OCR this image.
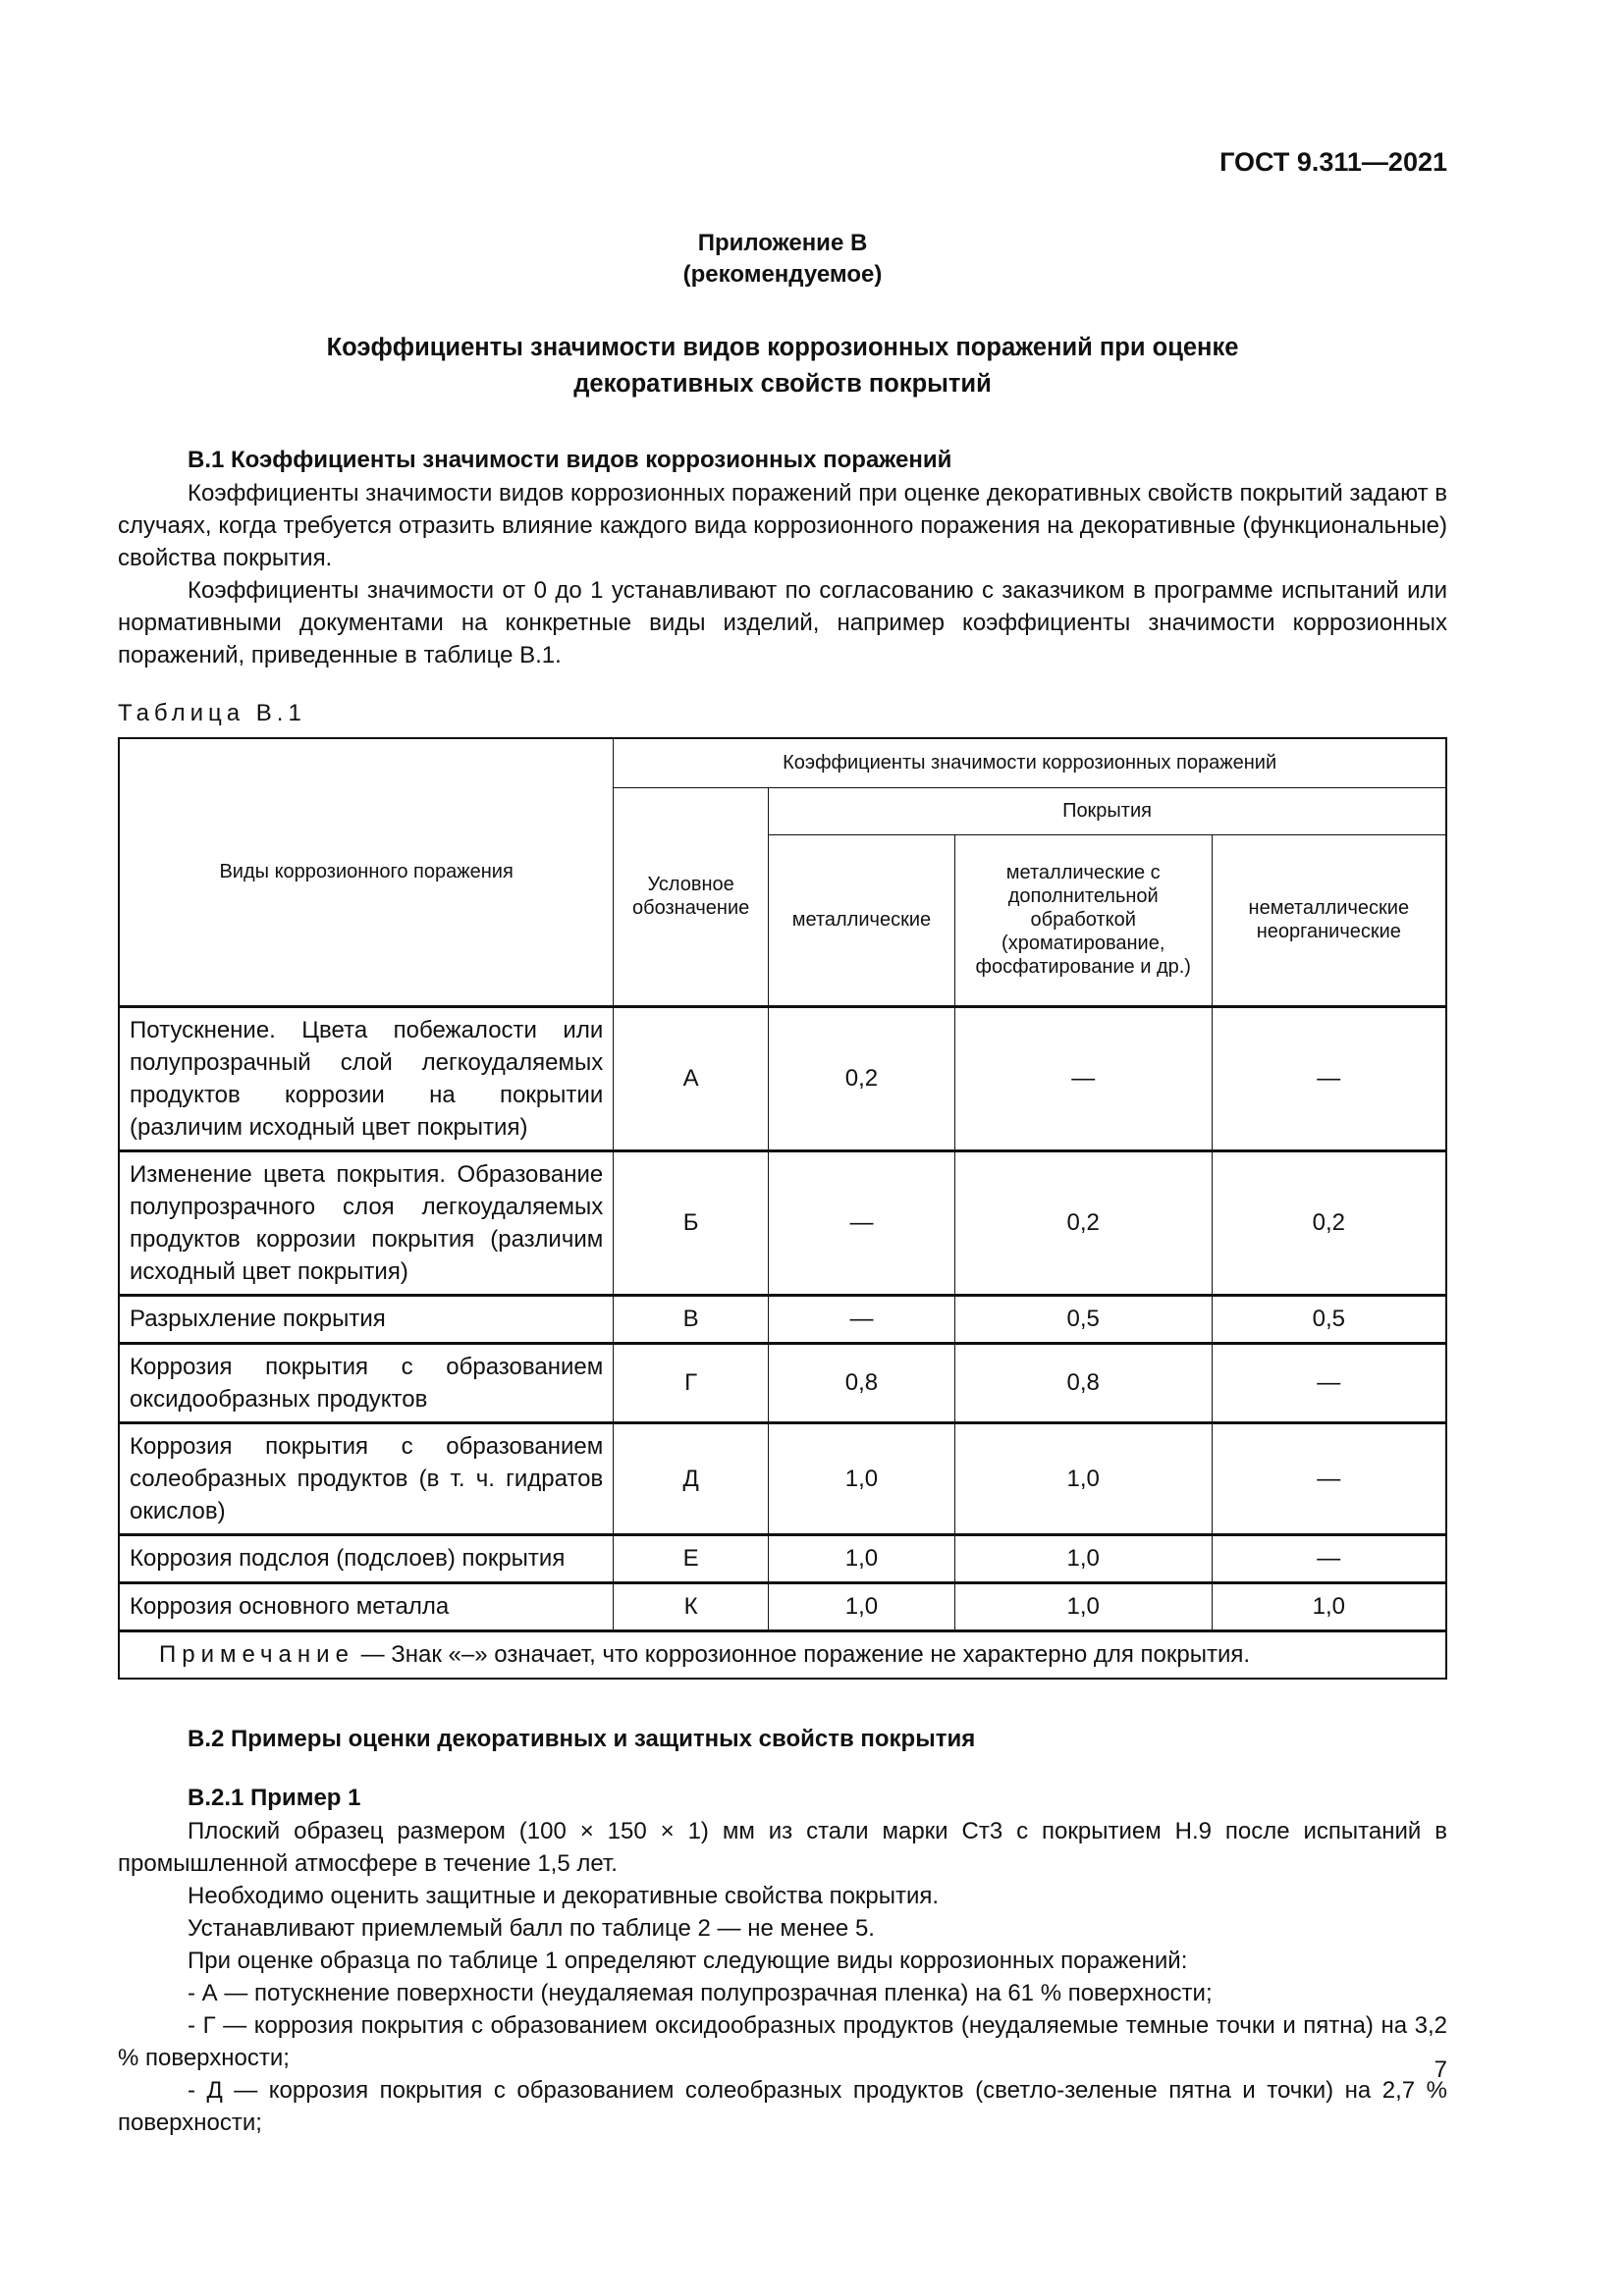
ГОСТ 9.311—2021
Приложение В
(рекомендуемое)
Коэффициенты значимости видов коррозионных поражений при оценке
декоративных свойств покрытий
В.1 Коэффициенты значимости видов коррозионных поражений

Коэффициенты значимости видов коррозионных поражений при оценке декоративных свойств покрытий задают в случаях, когда требуется отразить влияние каждого вида коррозионного поражения на декоративные (функциональные) свойства покрытия.

Коэффициенты значимости от 0 до 1 устанавливают по согласованию с заказчиком в программе испытаний или нормативными документами на конкретные виды изделий, например коэффициенты значимости коррозионных поражений, приведенные в таблице В.1.

Таблица В.1
Виды коррозионного поражения	Коэффициенты значимости коррозионных поражений			
	Условное обозначение	Покрытия		
		металлические	металлические с дополнительной обработкой (хроматирование, фосфатирование и др.)	неметаллические неорганические
Потускнение. Цвета побежалости или полупрозрачный слой легкоудаляемых продуктов коррозии на покрытии (различим исходный цвет покрытия)	А	0,2	—	—
Изменение цвета покрытия. Образование полупрозрачного слоя легкоудаляемых продуктов коррозии покрытия (различим исходный цвет покрытия)	Б	—	0,2	0,2
Разрыхление покрытия	В	—	0,5	0,5
Коррозия покрытия с образованием оксидообразных продуктов	Г	0,8	0,8	—
Коррозия покрытия с образованием солеобразных продуктов (в т. ч. гидратов окислов)	Д	1,0	1,0	—
Коррозия подслоя (подслоев) покрытия	Е	1,0	1,0	—
Коррозия основного металла	К	1,0	1,0	1,0
Примечание — Знак «–» означает, что коррозионное поражение не характерно для покрытия.				
В.2 Примеры оценки декоративных и защитных свойств покрытия
В.2.1 Пример 1

Плоский образец размером (100 × 150 × 1) мм из стали марки Ст3 с покрытием Н.9 после испытаний в промышленной атмосфере в течение 1,5 лет.

Необходимо оценить защитные и декоративные свойства покрытия.

Устанавливают приемлемый балл по таблице 2 — не менее 5.

При оценке образца по таблице 1 определяют следующие виды коррозионных поражений:

- А — потускнение поверхности (неудаляемая полупрозрачная пленка) на 61 % поверхности;

- Г — коррозия покрытия с образованием оксидообразных продуктов (неудаляемые темные точки и пятна) на 3,2 % поверхности;

- Д — коррозия покрытия с образованием солеобразных продуктов (светло-зеленые пятна и точки) на 2,7 % поверхности;

7
